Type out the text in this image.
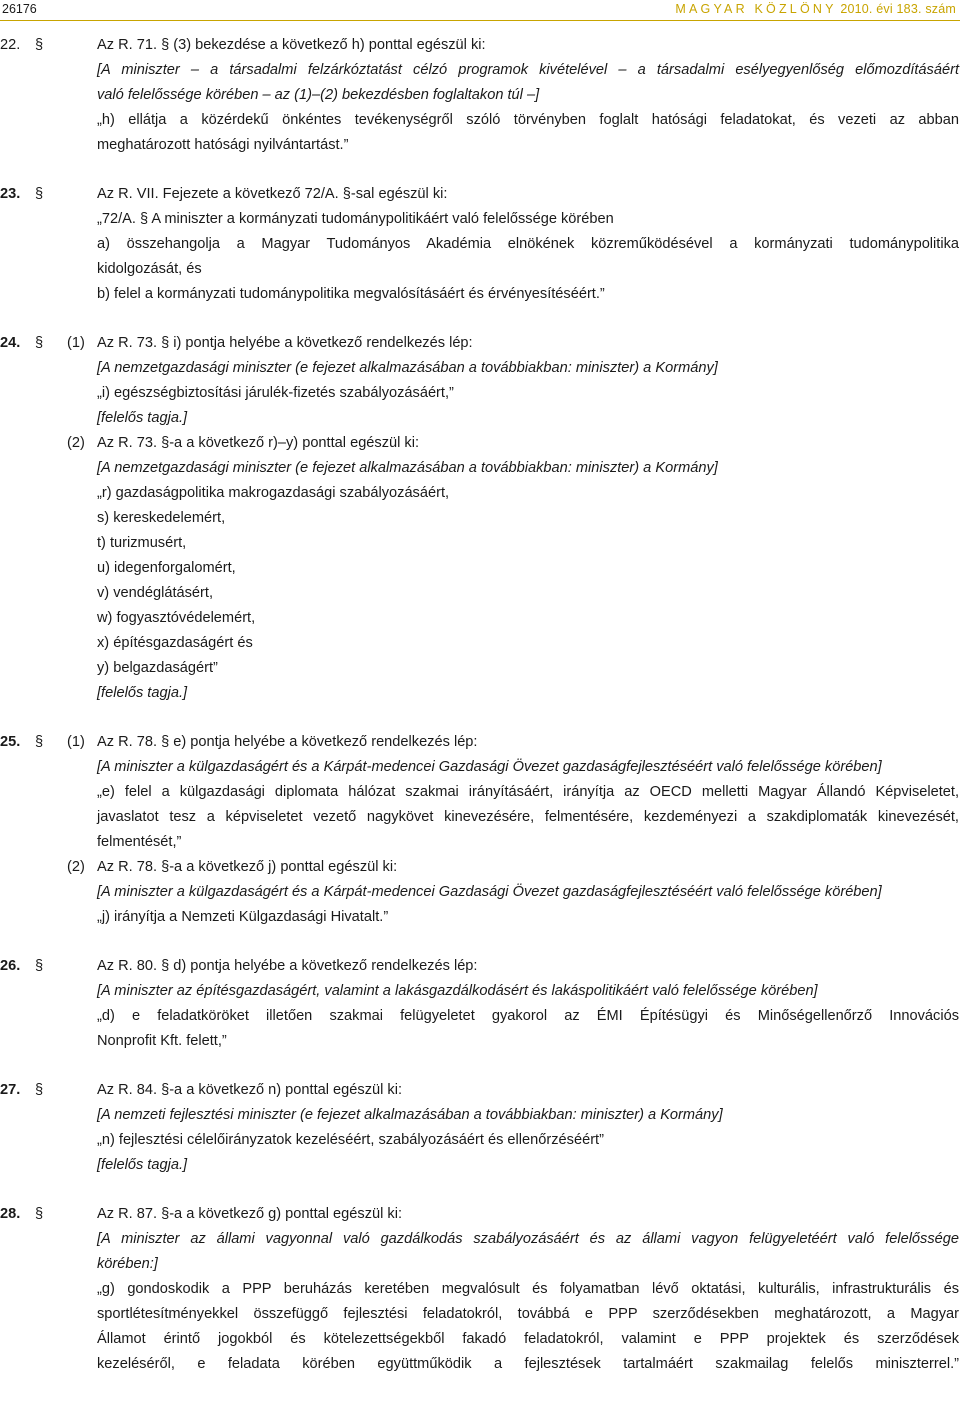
26176	MAGYAR KÖZLÖNY 2010. évi 183. szám
22. §	Az R. 71. § (3) bekezdése a következő h) ponttal egészül ki:
[A miniszter – a társadalmi felzárkóztatást célzó programok kivételével – a társadalmi esélyegyenlőség előmozdításáért
való felelőssége körében – az (1)–(2) bekezdésben foglaltakon túl –]
„h) ellátja a közérdekű önkéntes tevékenységről szóló törvényben foglalt hatósági feladatokat, és vezeti az abban
meghatározott hatósági nyilvántartást.”
23. §	Az R. VII. Fejezete a következő 72/A. §-sal egészül ki:
„72/A. § A miniszter a kormányzati tudománypolitikáért való felelőssége körében
a) összehangolja a Magyar Tudományos Akadémia elnökének közreműködésével a kormányzati tudománypolitika
kidolgozását, és
b) felel a kormányzati tudománypolitika megvalósításáért és érvényesítéséért.”
24. § (1) Az R. 73. § i) pontja helyébe a következő rendelkezés lép:
[A nemzetgazdasági miniszter (e fejezet alkalmazásában a továbbiakban: miniszter) a Kormány]
„i) egészségbiztosítási járulék-fizetés szabályozásáért,”
[felelős tagja.]
(2) Az R. 73. §-a a következő r)–y) ponttal egészül ki:
[A nemzetgazdasági miniszter (e fejezet alkalmazásában a továbbiakban: miniszter) a Kormány]
„r) gazdaságpolitika makrogazdasági szabályozásáért,
s) kereskedelemért,
t) turizmusért,
u) idegenforgalomért,
v) vendéglátásért,
w) fogyasztóvédelemért,
x) építésgazdaságért és
y) belgazdaságért”
[felelős tagja.]
25. § (1) Az R. 78. § e) pontja helyébe a következő rendelkezés lép:
[A miniszter a külgazdaságért és a Kárpát-medencei Gazdasági Övezet gazdaságfejlesztéséért való felelőssége körében]
„e) felel a külgazdasági diplomata hálózat szakmai irányításáért, irányítja az OECD melletti Magyar Állandó Képviseletet,
javaslatot tesz a képviseletet vezető nagykövet kinevezésére, felmentésére, kezdeményezi a szakdiplomaták kinevezését,
felmentését,”
(2) Az R. 78. §-a a következő j) ponttal egészül ki:
[A miniszter a külgazdaságért és a Kárpát-medencei Gazdasági Övezet gazdaságfejlesztéséért való felelőssége körében]
„j) irányítja a Nemzeti Külgazdasági Hivatalt.”
26. §	Az R. 80. § d) pontja helyébe a következő rendelkezés lép:
[A miniszter az építésgazdaságért, valamint a lakásgazdálkodásért és lakáspolitikáért való felelőssége körében]
„d) e feladatköröket illetően szakmai felügyeletet gyakorol az ÉMI Építésügyi és Minőségellenőrző Innovációs
Nonprofit Kft. felett,”
27. §	Az R. 84. §-a a következő n) ponttal egészül ki:
[A nemzeti fejlesztési miniszter (e fejezet alkalmazásában a továbbiakban: miniszter) a Kormány]
„n) fejlesztési célelőirányzatok kezeléséért, szabályozásáért és ellenőrzéséért”
[felelős tagja.]
28. §	Az R. 87. §-a a következő g) ponttal egészül ki:
[A miniszter az állami vagyonnal való gazdálkodás szabályozásáért és az állami vagyon felügyeletéért való felelőssége
körében:]
„g) gondoskodik a PPP beruházás keretében megvalósult és folyamatban lévő oktatási, kulturális, infrastrukturális és
sportlétesítményekkel összefüggő fejlesztési feladatokról, továbbá e PPP szerződésekben meghatározott, a Magyar
Államot érintő jogokból és kötelezettségekből fakadó feladatokról, valamint e PPP projektek és szerződések
kezeléséről, e feladata körében együttműködik a fejlesztések tartalmáért szakmailag felelős miniszterrel.”
